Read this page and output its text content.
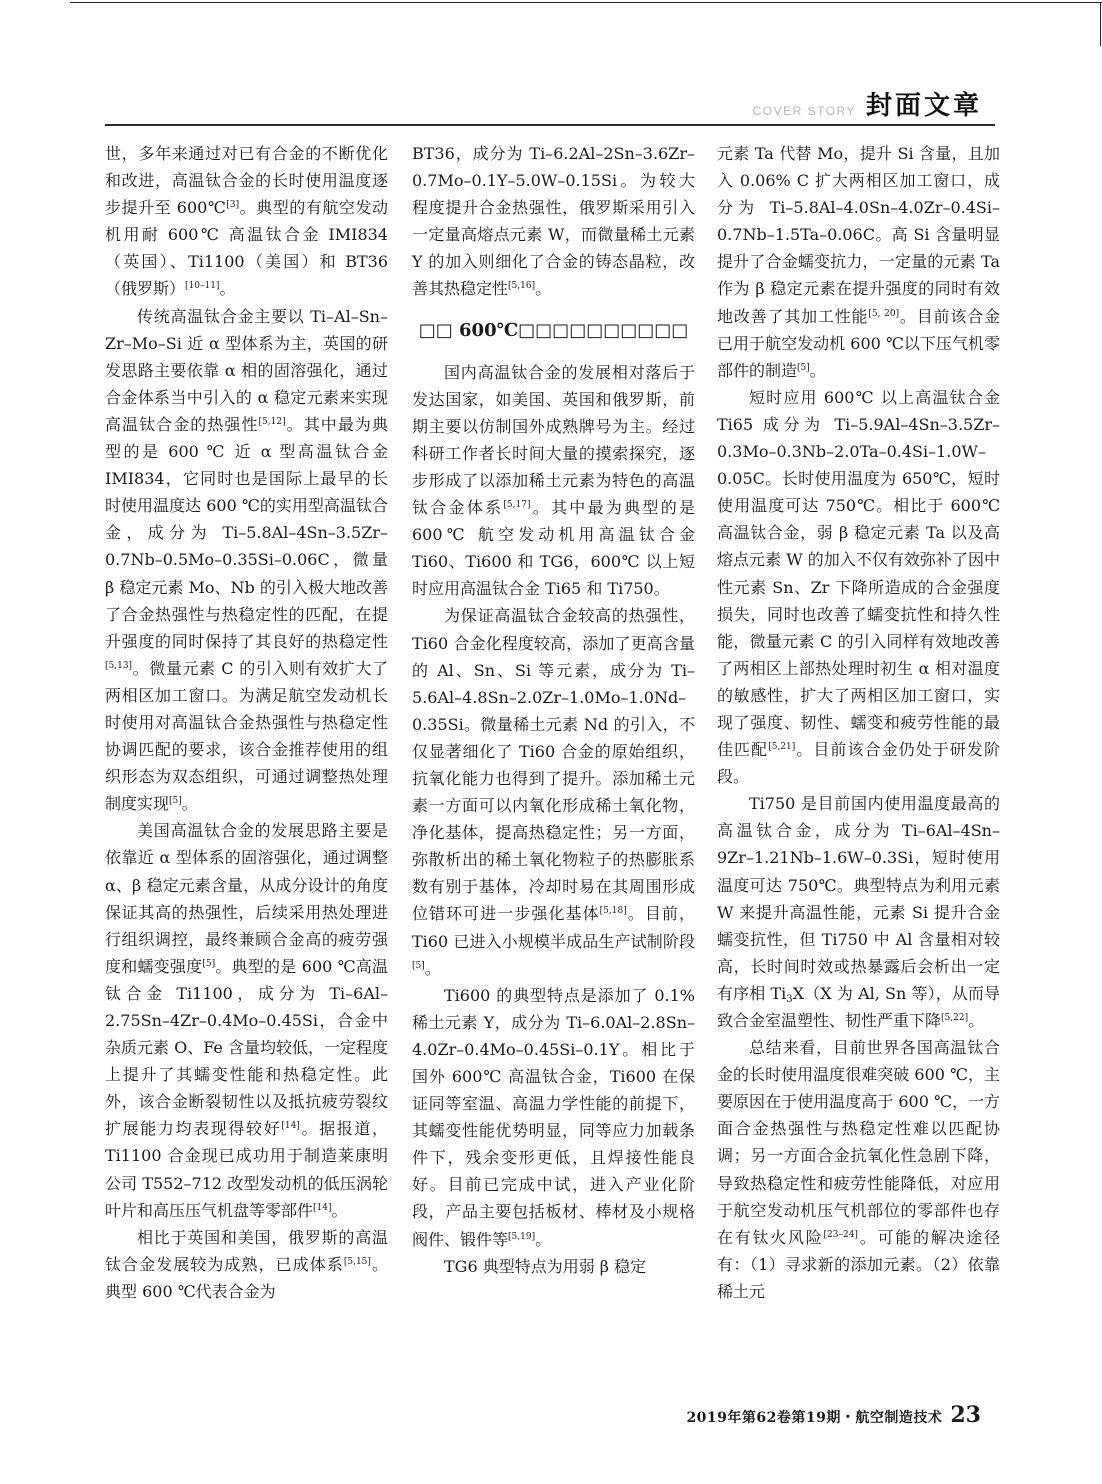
COVER STORY 封面文章

世，多年来通过对已有合金的不断优化和改进，高温钛合金的长时使用温度逐步提升至 600℃[3]。典型的有航空发动机用耐 600℃ 高温钛合金 IMI834（英国）、Ti1100（美国）和 BT36（俄罗斯）[10–11]。

传统高温钛合金主要以 Ti–Al–Sn–Zr–Mo–Si 近 α 型体系为主，英国的研发思路主要依靠 α 相的固溶强化，通过合金体系当中引入的 α 稳定元素来实现高温钛合金的热强性[5,12]。其中最为典型的是 600 ℃ 近 α 型高温钛合金 IMI834，它同时也是国际上最早的长时使用温度达 600 ℃的实用型高温钛合金，成分为 Ti–5.8Al–4Sn–3.5Zr–0.7Nb–0.5Mo–0.35Si–0.06C，微量 β 稳定元素 Mo、Nb 的引入极大地改善了合金热强性与热稳定性的匹配，在提升强度的同时保持了其良好的热稳定性[5,13]。微量元素 C 的引入则有效扩大了两相区加工窗口。为满足航空发动机长时使用对高温钛合金热强性与热稳定性协调匹配的要求，该合金推荐使用的组织形态为双态组织，可通过调整热处理制度实现[5]。

美国高温钛合金的发展思路主要是依靠近 α 型体系的固溶强化，通过调整 α、β 稳定元素含量，从成分设计的角度保证其高的热强性，后续采用热处理进行组织调控，最终兼顾合金高的疲劳强度和蠕变强度[5]。典型的是 600 ℃高温钛合金 Ti1100，成分为 Ti–6Al–2.75Sn–4Zr–0.4Mo–0.45Si，合金中杂质元素 O、Fe 含量均较低，一定程度上提升了其蠕变性能和热稳定性。此外，该合金断裂韧性以及抵抗疲劳裂纹扩展能力均表现得较好[14]。据报道，Ti1100 合金现已成功用于制造莱康明公司 T552–712 改型发动机的低压涡轮叶片和高压压气机盘等零部件[14]。

相比于英国和美国，俄罗斯的高温钛合金发展较为成熟，已成体系[5,15]。典型 600 ℃代表合金为

BT36，成分为 Ti–6.2Al–2Sn–3.6Zr–0.7Mo–0.1Y–5.0W–0.15Si。为较大程度提升合金热强性，俄罗斯采用引入一定量高熔点元素 W，而微量稀土元素 Y 的加入则细化了合金的铸态晶粒，改善其热稳定性[5,16]。

□□ 600℃□□□□□□□□□□

国内高温钛合金的发展相对落后于发达国家，如美国、英国和俄罗斯，前期主要以仿制国外成熟牌号为主。经过科研工作者长时间大量的摸索探究，逐步形成了以添加稀土元素为特色的高温钛合金体系[5,17]。其中最为典型的是 600℃ 航空发动机用高温钛合金 Ti60、Ti600 和 TG6，600℃ 以上短时应用高温钛合金 Ti65 和 Ti750。

为保证高温钛合金较高的热强性，Ti60 合金化程度较高，添加了更高含量的 Al、Sn、Si 等元素，成分为 Ti–5.6Al–4.8Sn–2.0Zr–1.0Mo–1.0Nd–0.35Si。微量稀土元素 Nd 的引入，不仅显著细化了 Ti60 合金的原始组织，抗氧化能力也得到了提升。添加稀土元素一方面可以内氧化形成稀土氧化物，净化基体，提高热稳定性；另一方面，弥散析出的稀土氧化物粒子的热膨胀系数有别于基体，冷却时易在其周围形成位错环可进一步强化基体[5,18]。目前，Ti60 已进入小规模半成品生产试制阶段[5]。

Ti600 的典型特点是添加了 0.1% 稀土元素 Y，成分为 Ti–6.0Al–2.8Sn–4.0Zr–0.4Mo–0.45Si–0.1Y。相比于国外 600℃ 高温钛合金，Ti600 在保证同等室温、高温力学性能的前提下，其蠕变性能优势明显，同等应力加载条件下，残余变形更低，且焊接性能良好。目前已完成中试，进入产业化阶段，产品主要包括板材、棒材及小规格阀件、锻件等[5,19]。

TG6 典型特点为用弱 β 稳定

元素 Ta 代替 Mo，提升 Si 含量，且加入 0.06% C 扩大两相区加工窗口，成分为 Ti–5.8Al–4.0Sn–4.0Zr–0.4Si–0.7Nb–1.5Ta–0.06C。高 Si 含量明显提升了合金蠕变抗力，一定量的元素 Ta 作为 β 稳定元素在提升强度的同时有效地改善了其加工性能[5, 20]。目前该合金已用于航空发动机 600 ℃以下压气机零部件的制造[5]。

短时应用 600℃ 以上高温钛合金 Ti65 成分为 Ti–5.9Al–4Sn–3.5Zr–0.3Mo–0.3Nb–2.0Ta–0.4Si–1.0W–0.05C。长时使用温度为 650℃，短时使用温度可达 750℃。相比于 600℃ 高温钛合金，弱 β 稳定元素 Ta 以及高熔点元素 W 的加入不仅有效弥补了因中性元素 Sn、Zr 下降所造成的合金强度损失，同时也改善了蠕变抗性和持久性能，微量元素 C 的引入同样有效地改善了两相区上部热处理时初生 α 相对温度的敏感性，扩大了两相区加工窗口，实现了强度、韧性、蠕变和疲劳性能的最佳匹配[5,21]。目前该合金仍处于研发阶段。

Ti750 是目前国内使用温度最高的高温钛合金，成分为 Ti–6Al–4Sn–9Zr–1.21Nb–1.6W–0.3Si，短时使用温度可达 750℃。典型特点为利用元素 W 来提升高温性能，元素 Si 提升合金蠕变抗性，但 Ti750 中 Al 含量相对较高，长时间时效或热暴露后会析出一定有序相 $Ti_3X(X$ 为 Al, Sn 等），从而导致合金室温塑性、韧性严重下降[5,22]。

总结来看，目前世界各国高温钛合金的长时使用温度很难突破 600 ℃，主要原因在于使用温度高于 600 ℃，一方面合金热强性与热稳定性难以匹配协调；另一方面合金抗氧化性急剧下降，导致热稳定性和疲劳性能降低，对应用于航空发动机压气机部位的零部件也存在有钛火风险[23–24]。可能的解决途径有：（1）寻求新的添加元素。（2）依靠稀土元

2019年第62卷第19期・航空制造技术 23
